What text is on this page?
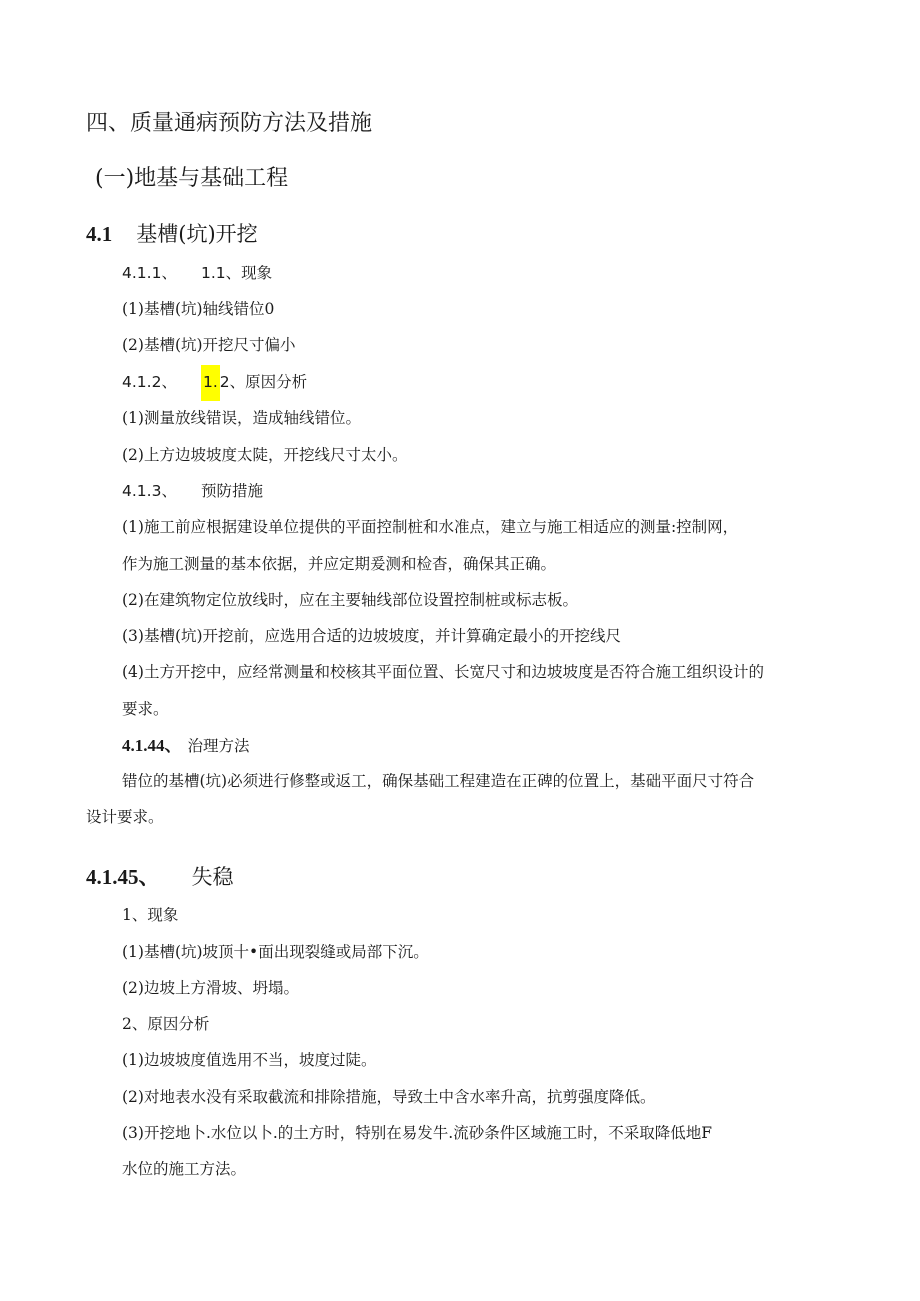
四、质量通病预防方法及措施
(一)地基与基础工程
4.1 基槽(坑)开挖
4.1.1、 1.1、现象
(1)基槽(坑)轴线错位0
(2)基槽(坑)开挖尺寸偏小
4.1.2、 1. 2、原因分析
(1)测量放线错误，造成轴线错位。
(2)上方边坡坡度太陡，开挖线尺寸太小。
4.1.3、 预防措施
(1)施工前应根据建设单位提供的平面控制桩和水准点，建立与施工相适应的测量:控制网，
作为施工测量的基本依据，并应定期爰测和检杳，确保其正确。
(2)在建筑物定位放线时，应在主要轴线部位设置控制桩或标志板。
(3)基槽(坑)开挖前，应选用合适的边坡坡度，并计算确定最小的开挖线尺
(4)土方开挖中，应经常测量和校核其平面位置、长宽尺寸和边坡坡度是否符合施工组织设计的
要求。
4.1.44、 治理方法
错位的基槽(坑)必须进行修整或返工，确保基础工程建造在正碑的位置上，基础平面尺寸符合
设计要求。
4.1.45、 失稳
1、现象
(1)基槽(坑)坡顶十•面出现裂缝或局部下沉。
(2)边坡上方滑坡、坍塌。
2、原因分析
(1)边坡坡度值选用不当，坡度过陡。
(2)对地表水没有采取截流和排除措施，导致土中含水率升高，抗剪强度降低。
(3)开挖地卜.水位以卜.的土方时，特别在易发牛.流砂条件区域施工时，不采取降低地F
水位的施工方法。
